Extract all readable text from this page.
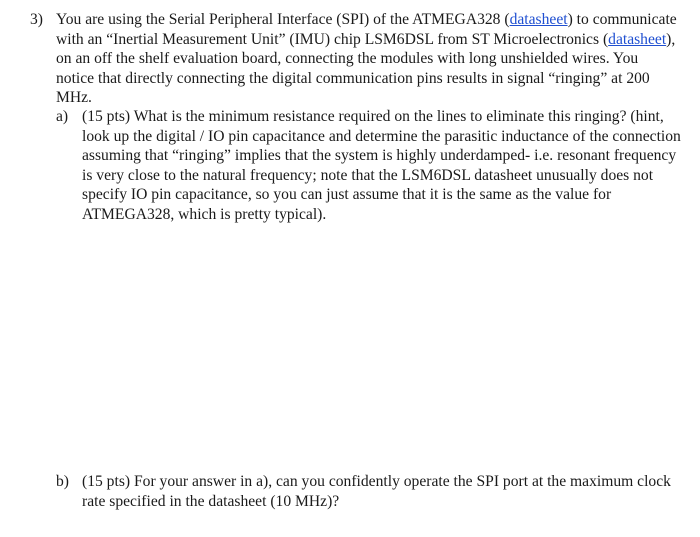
3) You are using the Serial Peripheral Interface (SPI) of the ATMEGA328 (datasheet) to communicate with an “Inertial Measurement Unit” (IMU) chip LSM6DSL from ST Microelectronics (datasheet), on an off the shelf evaluation board, connecting the modules with long unshielded wires. You notice that directly connecting the digital communication pins results in signal “ringing” at 200 MHz.
a) (15 pts) What is the minimum resistance required on the lines to eliminate this ringing? (hint, look up the digital / IO pin capacitance and determine the parasitic inductance of the connection assuming that “ringing” implies that the system is highly underdamped- i.e. resonant frequency is very close to the natural frequency; note that the LSM6DSL datasheet unusually does not specify IO pin capacitance, so you can just assume that it is the same as the value for ATMEGA328, which is pretty typical).
b) (15 pts) For your answer in a), can you confidently operate the SPI port at the maximum clock rate specified in the datasheet (10 MHz)?
